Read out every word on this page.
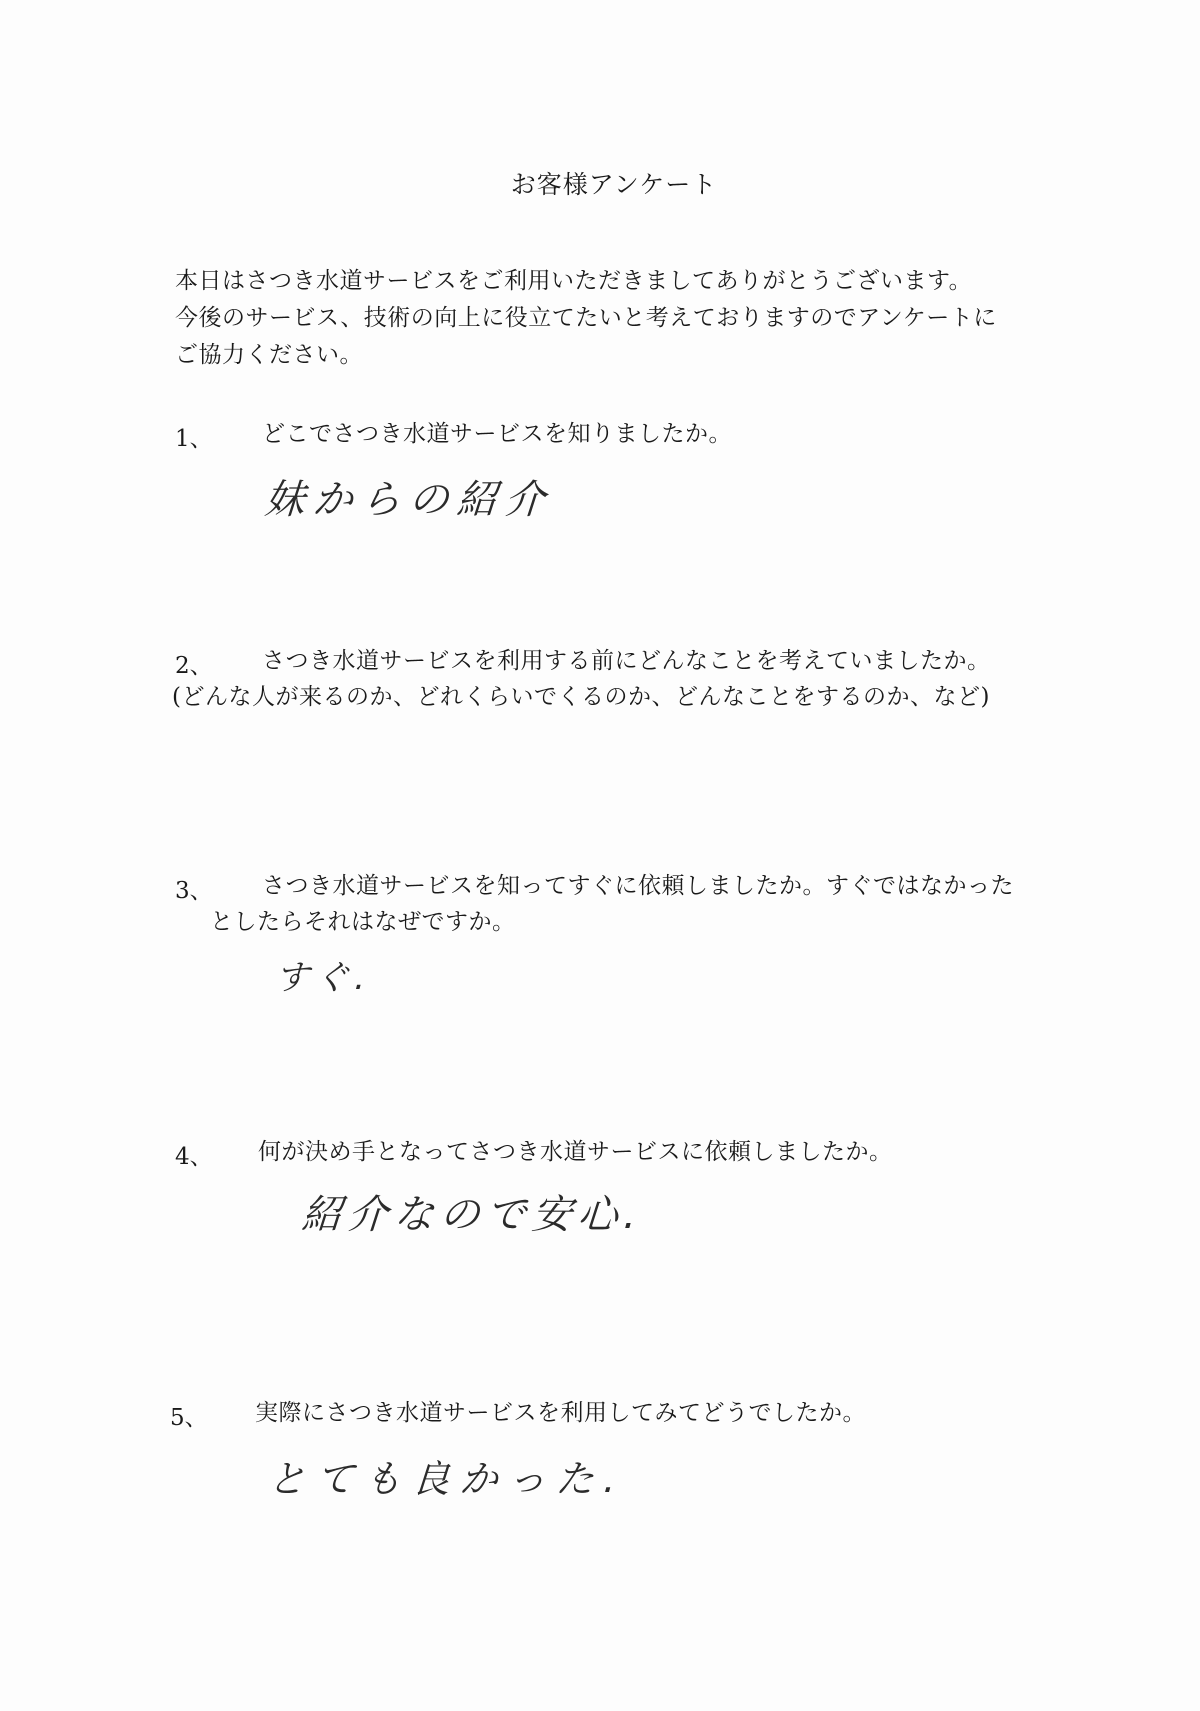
お客様アンケート
本日はさつき水道サービスをご利用いただきましてありがとうございます。
今後のサービス、技術の向上に役立てたいと考えておりますのでアンケートに
ご協力ください。
1、 どこでさつき水道サービスを知りましたか。
妹からの紹介
2、 さつき水道サービスを利用する前にどんなことを考えていましたか。
(どんな人が来るのか、どれくらいでくるのか、どんなことをするのか、など)
3、 さつき水道サービスを知ってすぐに依頼しましたか。すぐではなかった
としたらそれはなぜですか。
すぐ.
4、 何が決め手となってさつき水道サービスに依頼しましたか。
紹介なので安心.
5、 実際にさつき水道サービスを利用してみてどうでしたか。
とても良かった.
